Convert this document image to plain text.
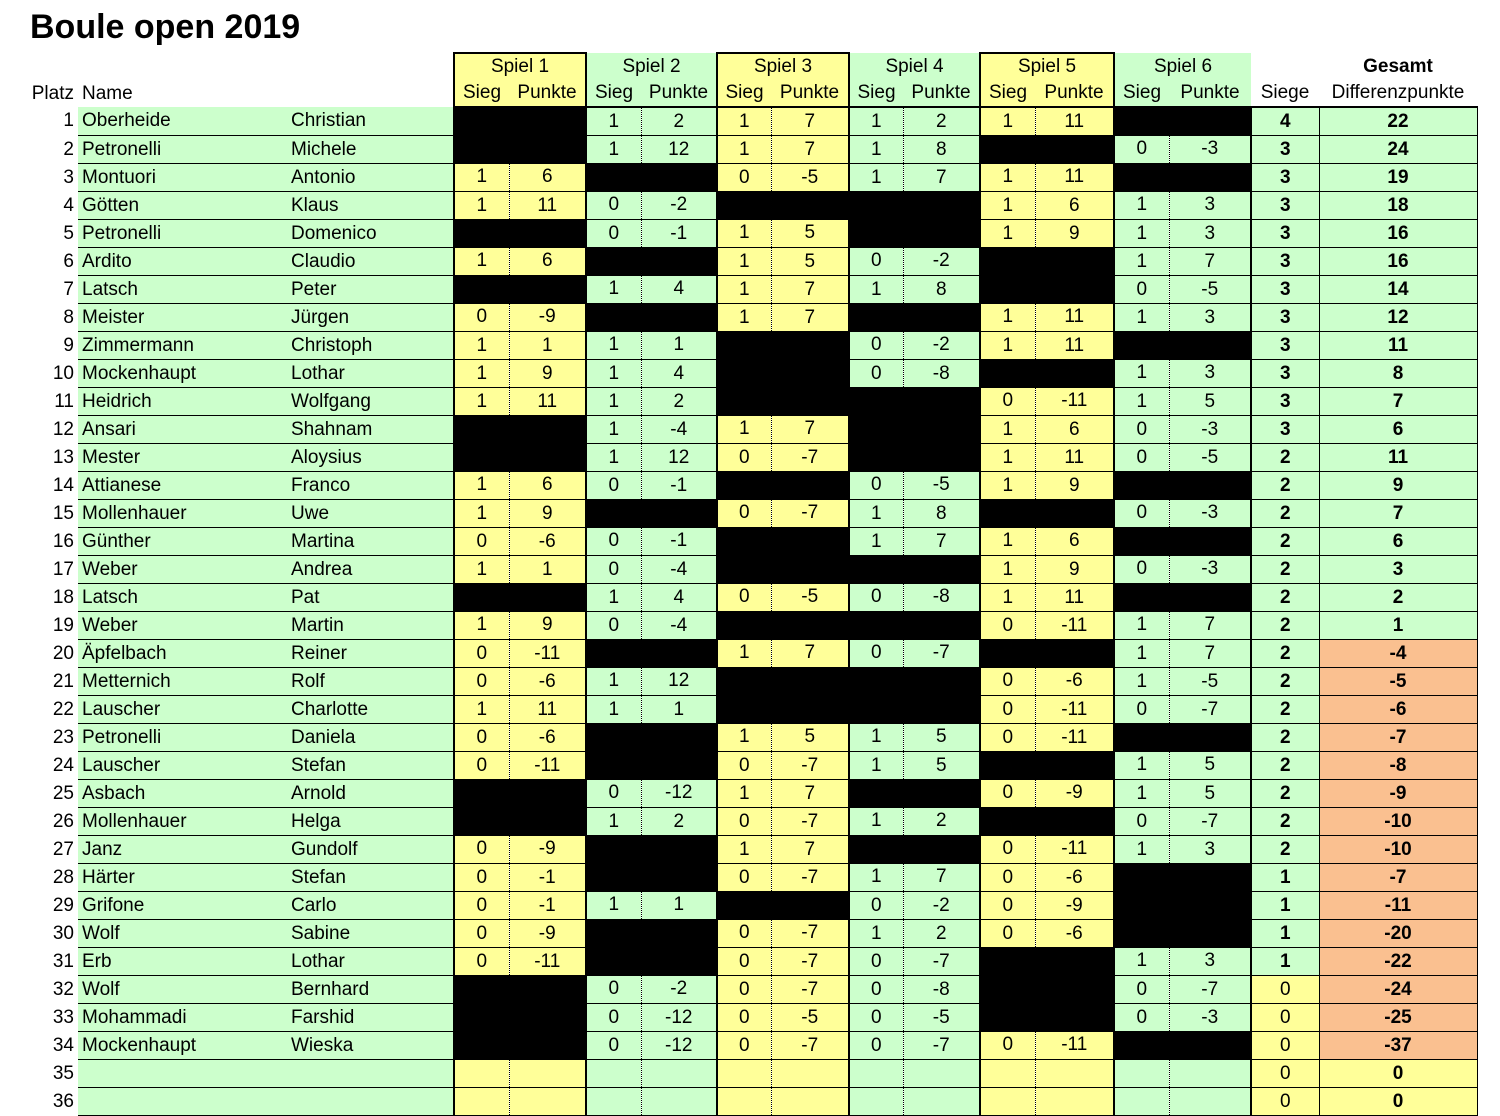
Boule open 2019
			Spiel 1		Spiel 2		Spiel 3		Spiel 4		Spiel 5		Spiel 6			Gesamt
Platz	Name		Sieg	Punkte	Sieg	Punkte	Sieg	Punkte	Sieg	Punkte	Sieg	Punkte	Sieg	Punkte	Siege	Differenzpunkte
1	Oberheide	Christian			1	2	1	7	1	2	1	11			4	22
2	Petronelli	Michele			1	12	1	7	1	8			0	-3	3	24
3	Montuori	Antonio	1	6			0	-5	1	7	1	11			3	19
4	Götten	Klaus	1	11	0	-2					1	6	1	3	3	18
5	Petronelli	Domenico			0	-1	1	5			1	9	1	3	3	16
6	Ardito	Claudio	1	6			1	5	0	-2			1	7	3	16
7	Latsch	Peter			1	4	1	7	1	8			0	-5	3	14
8	Meister	Jürgen	0	-9			1	7			1	11	1	3	3	12
9	Zimmermann	Christoph	1	1	1	1			0	-2	1	11			3	11
10	Mockenhaupt	Lothar	1	9	1	4			0	-8			1	3	3	8
11	Heidrich	Wolfgang	1	11	1	2					0	-11	1	5	3	7
12	Ansari	Shahnam			1	-4	1	7			1	6	0	-3	3	6
13	Mester	Aloysius			1	12	0	-7			1	11	0	-5	2	11
14	Attianese	Franco	1	6	0	-1			0	-5	1	9			2	9
15	Mollenhauer	Uwe	1	9			0	-7	1	8			0	-3	2	7
16	Günther	Martina	0	-6	0	-1			1	7	1	6			2	6
17	Weber	Andrea	1	1	0	-4					1	9	0	-3	2	3
18	Latsch	Pat			1	4	0	-5	0	-8	1	11			2	2
19	Weber	Martin	1	9	0	-4					0	-11	1	7	2	1
20	Äpfelbach	Reiner	0	-11			1	7	0	-7			1	7	2	-4
21	Metternich	Rolf	0	-6	1	12					0	-6	1	-5	2	-5
22	Lauscher	Charlotte	1	11	1	1					0	-11	0	-7	2	-6
23	Petronelli	Daniela	0	-6			1	5	1	5	0	-11			2	-7
24	Lauscher	Stefan	0	-11			0	-7	1	5			1	5	2	-8
25	Asbach	Arnold			0	-12	1	7			0	-9	1	5	2	-9
26	Mollenhauer	Helga			1	2	0	-7	1	2			0	-7	2	-10
27	Janz	Gundolf	0	-9			1	7			0	-11	1	3	2	-10
28	Härter	Stefan	0	-1			0	-7	1	7	0	-6			1	-7
29	Grifone	Carlo	0	-1	1	1			0	-2	0	-9			1	-11
30	Wolf	Sabine	0	-9			0	-7	1	2	0	-6			1	-20
31	Erb	Lothar	0	-11			0	-7	0	-7			1	3	1	-22
32	Wolf	Bernhard			0	-2	0	-7	0	-8			0	-7	0	-24
33	Mohammadi	Farshid			0	-12	0	-5	0	-5			0	-3	0	-25
34	Mockenhaupt	Wieska			0	-12	0	-7	0	-7	0	-11			0	-37
35															0	0
36															0	0
